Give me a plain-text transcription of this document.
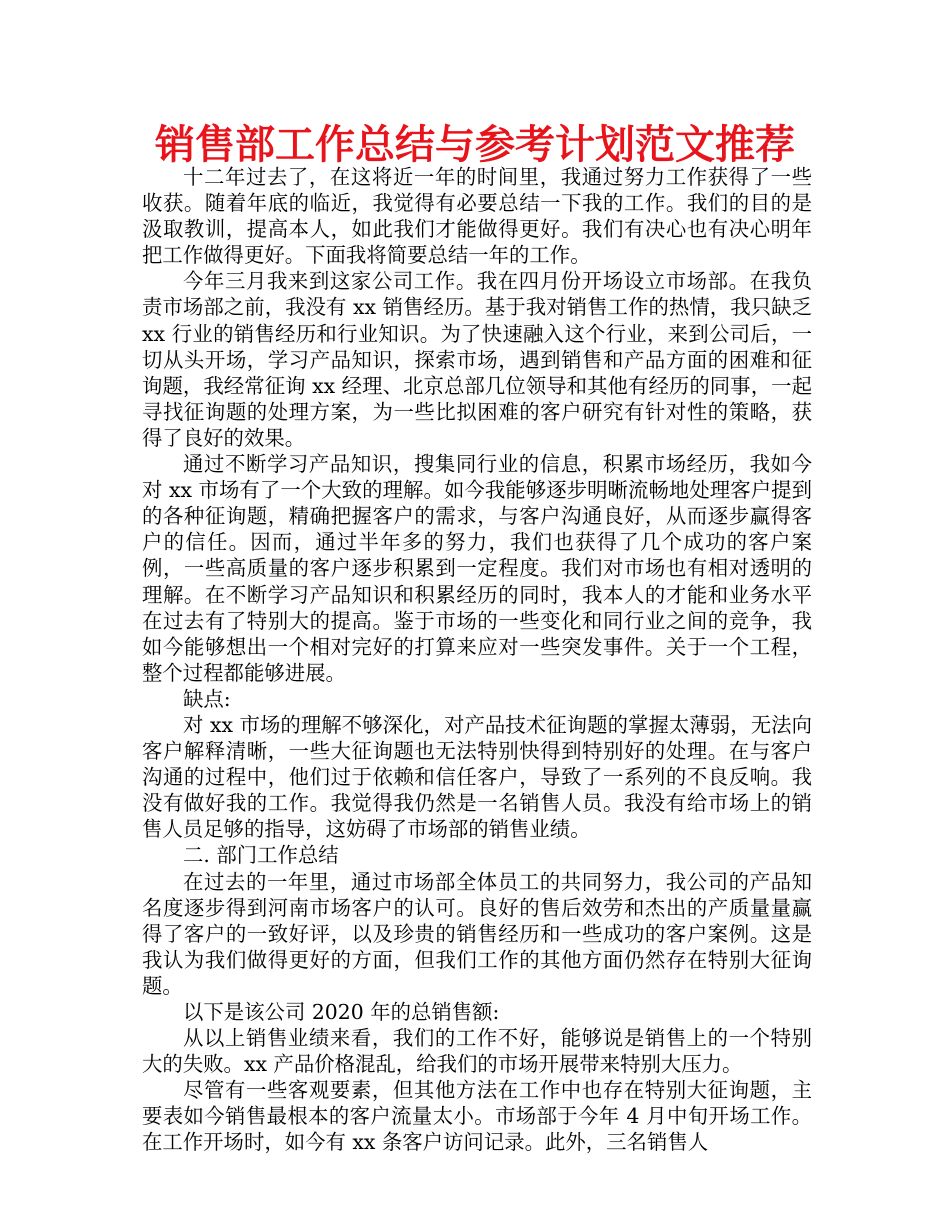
销售部工作总结与参考计划范文推荐

十二年过去了，在这将近一年的时间里，我通过努力工作获得了一些收获。随着年底的临近，我觉得有必要总结一下我的工作。我们的目的是汲取教训，提高本人，如此我们才能做得更好。我们有决心也有决心明年把工作做得更好。下面我将简要总结一年的工作。

今年三月我来到这家公司工作。我在四月份开场设立市场部。在我负责市场部之前，我没有 xx 销售经历。基于我对销售工作的热情，我只缺乏 xx 行业的销售经历和行业知识。为了快速融入这个行业，来到公司后，一切从头开场，学习产品知识，探索市场，遇到销售和产品方面的困难和征询题，我经常征询 xx 经理、北京总部几位领导和其他有经历的同事，一起寻找征询题的处理方案，为一些比拟困难的客户研究有针对性的策略，获得了良好的效果。

通过不断学习产品知识，搜集同行业的信息，积累市场经历，我如今对 xx 市场有了一个大致的理解。如今我能够逐步明晰流畅地处理客户提到的各种征询题，精确把握客户的需求，与客户沟通良好，从而逐步赢得客户的信任。因而，通过半年多的努力，我们也获得了几个成功的客户案例，一些高质量的客户逐步积累到一定程度。我们对市场也有相对透明的理解。在不断学习产品知识和积累经历的同时，我本人的才能和业务水平在过去有了特别大的提高。鉴于市场的一些变化和同行业之间的竞争，我如今能够想出一个相对完好的打算来应对一些突发事件。关于一个工程，整个过程都能够进展。

缺点:

对 xx 市场的理解不够深化，对产品技术征询题的掌握太薄弱，无法向客户解释清晰，一些大征询题也无法特别快得到特别好的处理。在与客户沟通的过程中，他们过于依赖和信任客户，导致了一系列的不良反响。我没有做好我的工作。我觉得我仍然是一名销售人员。我没有给市场上的销售人员足够的指导，这妨碍了市场部的销售业绩。

二. 部门工作总结

在过去的一年里，通过市场部全体员工的共同努力，我公司的产品知名度逐步得到河南市场客户的认可。良好的售后效劳和杰出的产质量量赢得了客户的一致好评，以及珍贵的销售经历和一些成功的客户案例。这是我认为我们做得更好的方面，但我们工作的其他方面仍然存在特别大征询题。

以下是该公司 2020 年的总销售额:

从以上销售业绩来看，我们的工作不好，能够说是销售上的一个特别大的失败。xx 产品价格混乱，给我们的市场开展带来特别大压力。

尽管有一些客观要素，但其他方法在工作中也存在特别大征询题，主要表如今销售最根本的客户流量太小。市场部于今年 4 月中旬开场工作。在工作开场时，如今有 xx 条客户访问记录。此外，三名销售人
